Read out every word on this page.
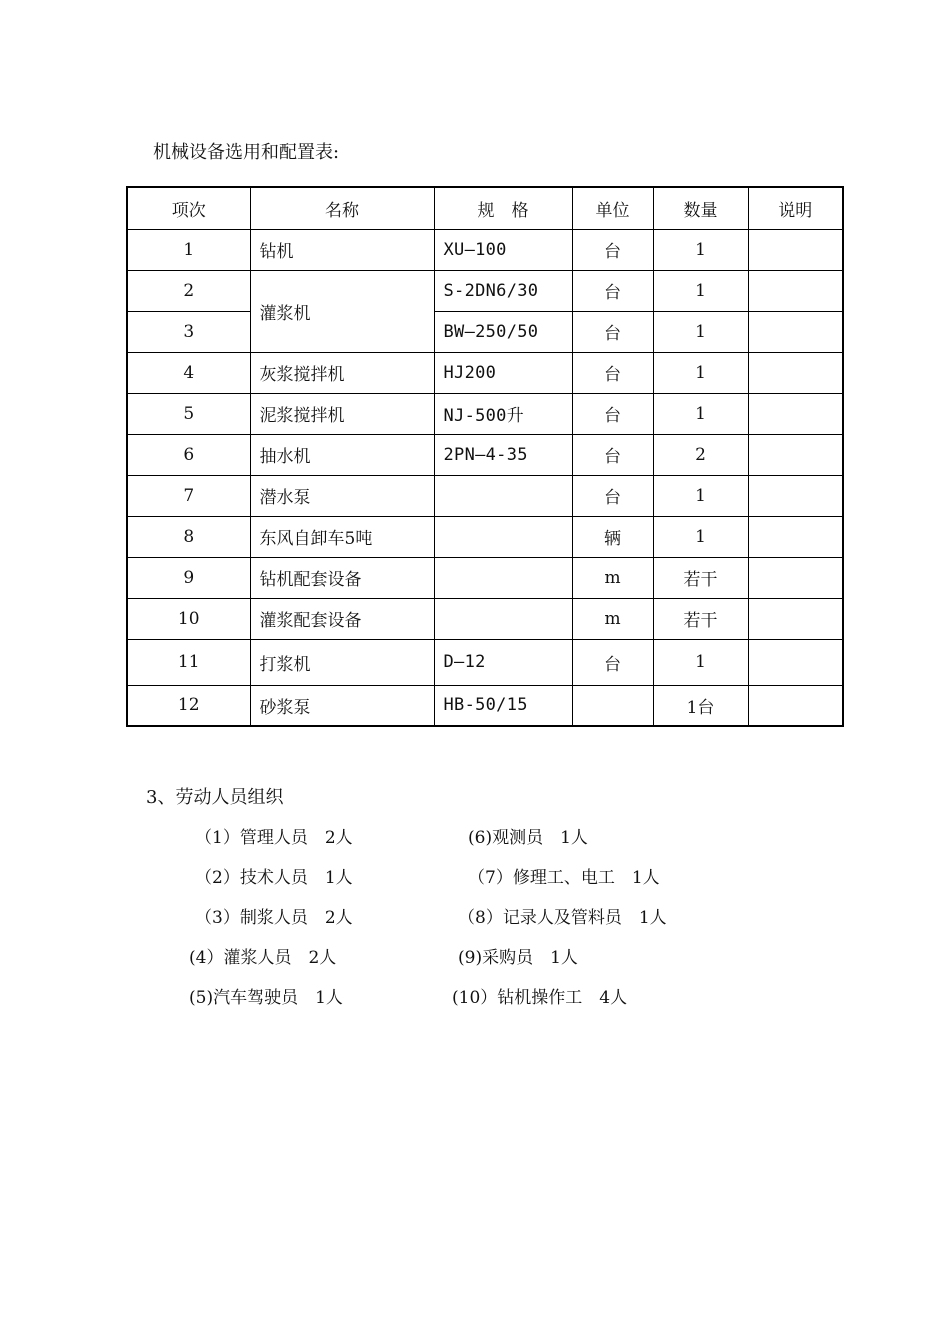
机械设备选用和配置表:
项次	名称	规　格	单位	数量	说明
1	钻机	XU—100	台	1	
2	灌浆机	S-2DN6/30	台	1	
3		BW—250/50	台	1	
4	灰浆搅拌机	HJ200	台	1	
5	泥浆搅拌机	NJ-500升	台	1	
6	抽水机	2PN—4-35	台	2	
7	潜水泵		台	1	
8	东风自卸车5吨		辆	1	
9	钻机配套设备		m	若干	
10	灌浆配套设备		m	若干	
11	打浆机	D—12	台	1	
12	砂浆泵	HB-50/15		1台	
3、劳动人员组织
（1）管理人员　2人
（2）技术人员　1人
（3）制浆人员　2人
(4）灌浆人员　2人
(5)汽车驾驶员　1人
(6)观测员　1人
（7）修理工、电工　1人
（8）记录人及管料员　1人
(9)采购员　1人
(10）钻机操作工　4人
